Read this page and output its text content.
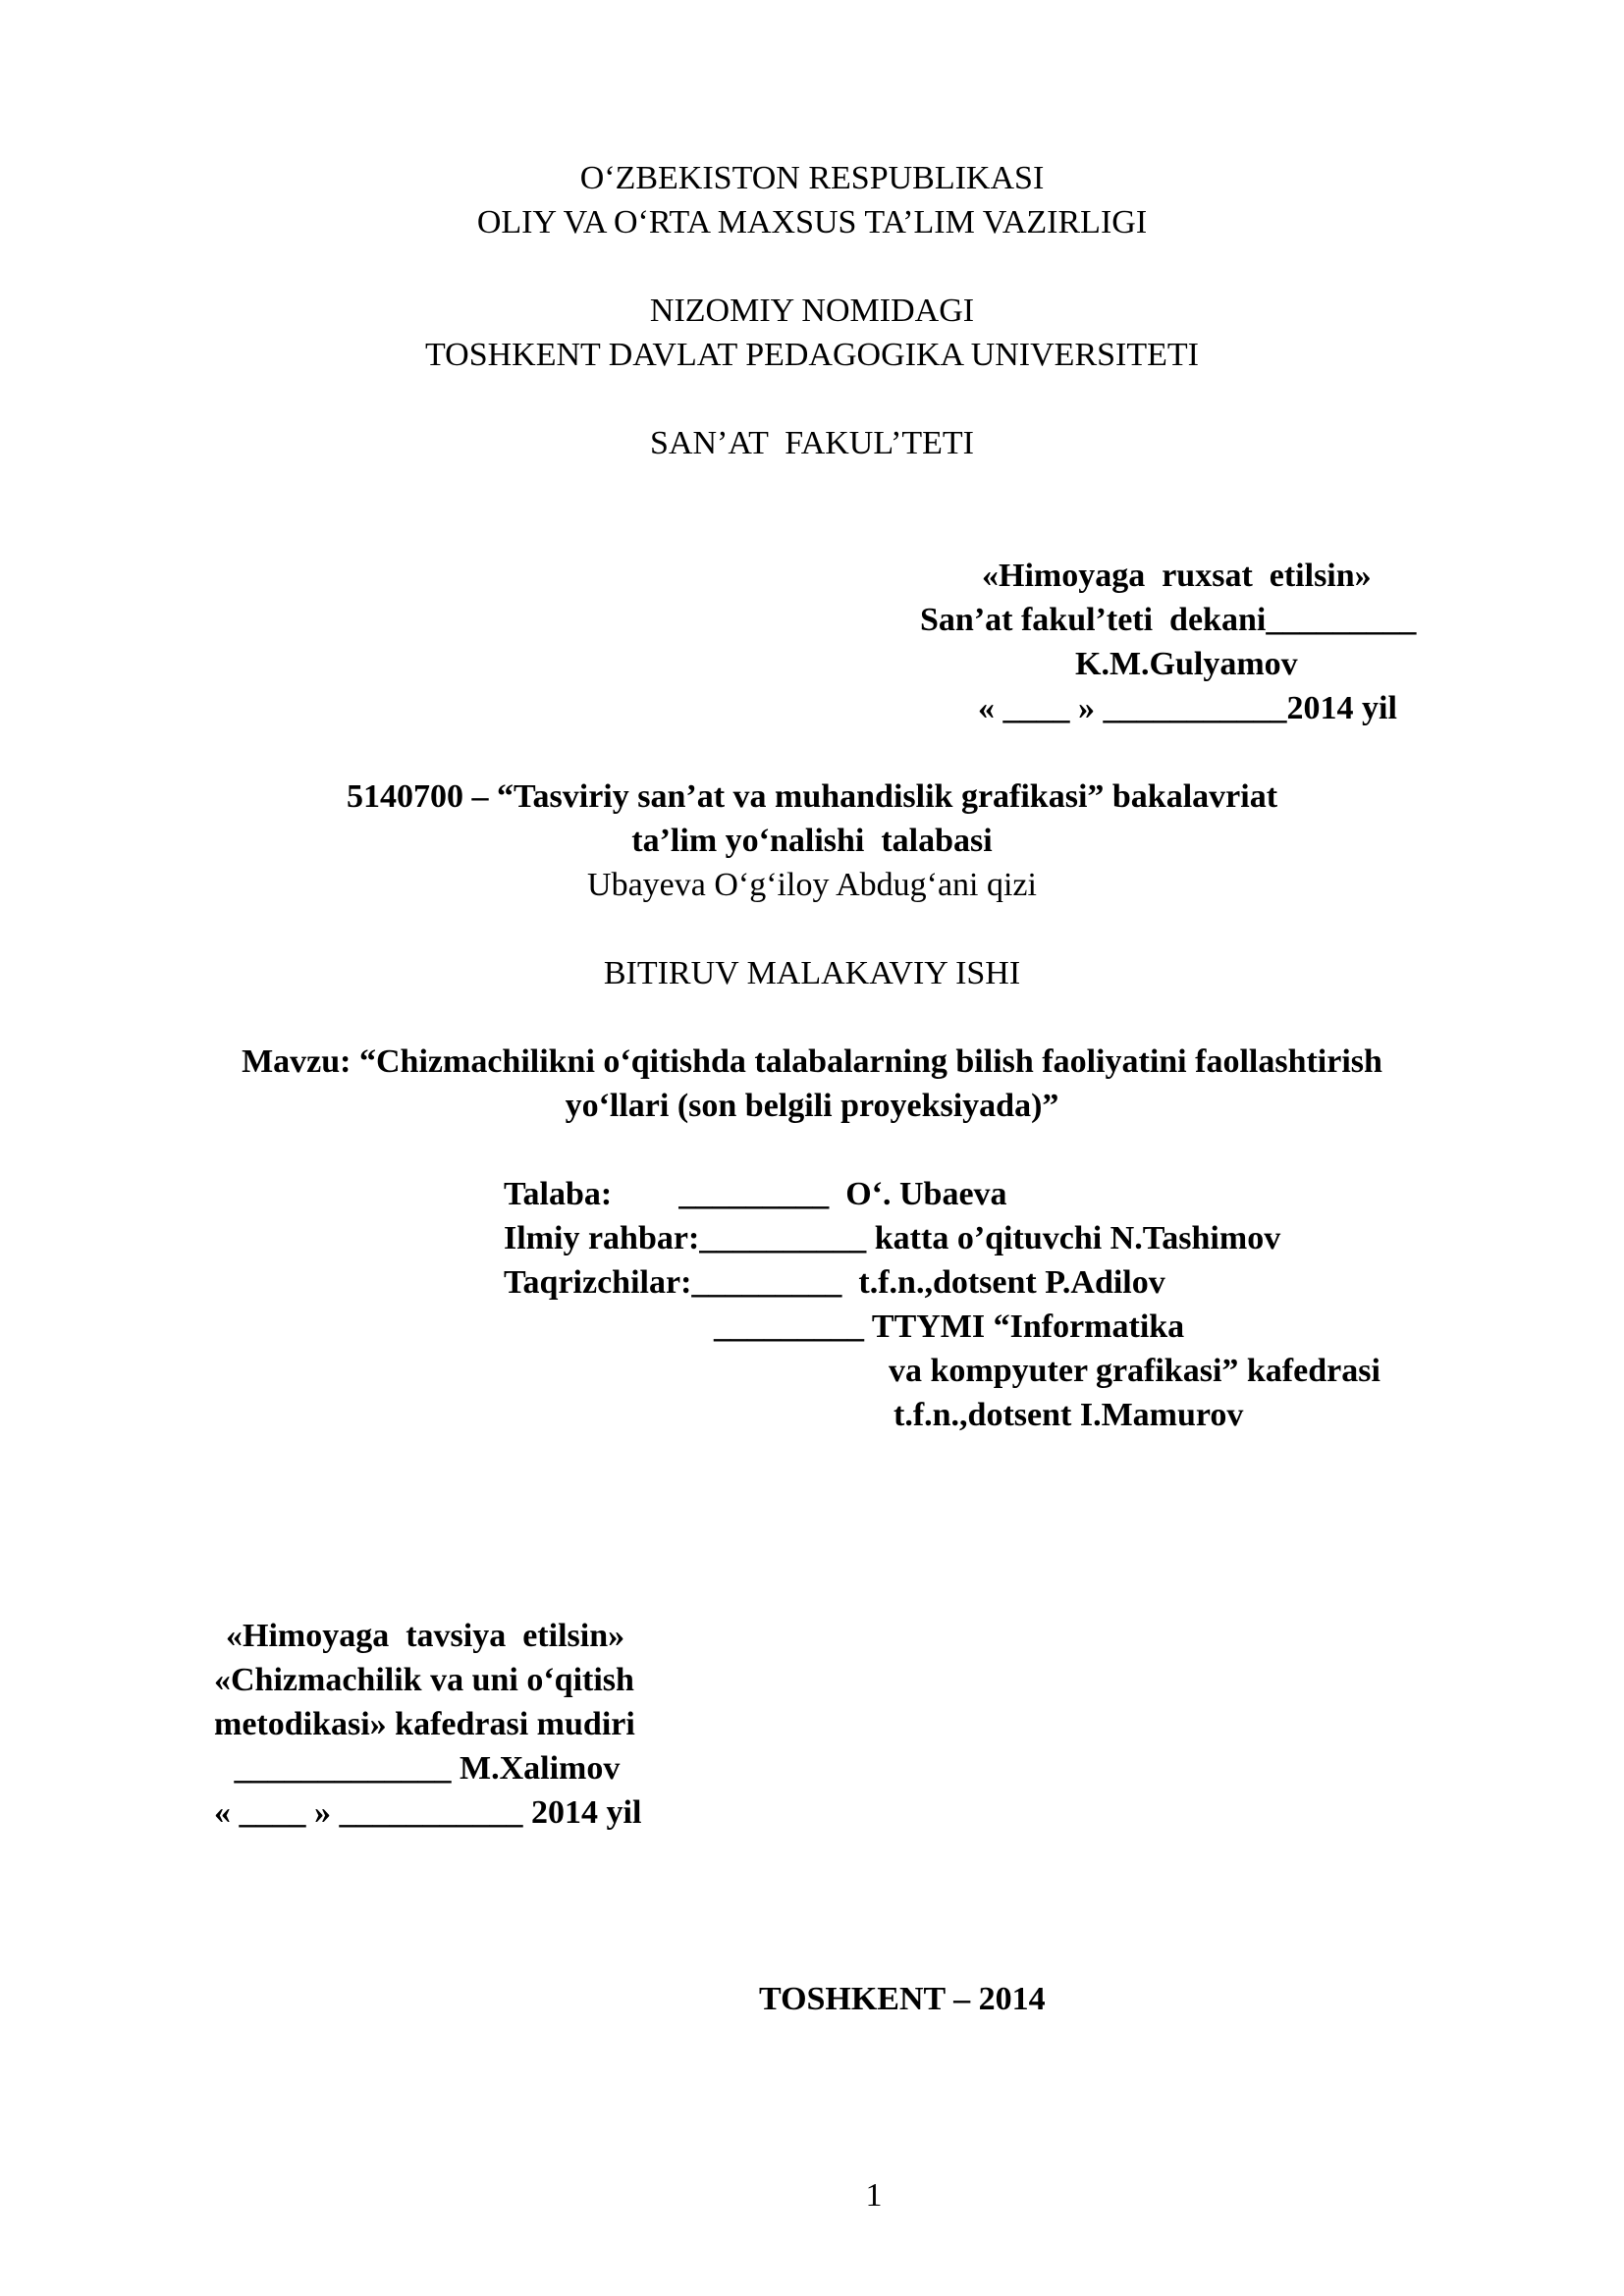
O‘ZBEKISTON RESPUBLIKASI
OLIY VA O‘RTA MAXSUS TA’LIM VAZIRLIGI
NIZOMIY NOMIDAGI
TOSHKENT DAVLAT PEDAGOGIKA UNIVERSITETI
SAN’AT  FAKUL’TETI
«Himoyaga  ruxsat  etilsin»
San’at fakul’teti  dekani_________
K.M.Gulyamov
« ____ » ___________2014 yil
5140700 – “Tasviriy san’at va muhandislik grafikasi” bakalavriat
ta’lim yo‘nalishi  talabasi
Ubayeva O‘g‘iloy Abdug‘ani qizi
BITIRUV MALAKAVIY ISHI
Mavzu: “Chizmachilikni o‘qitishda talabalarning bilish faoliyatini faollashtirish
yo‘llari (son belgili proyeksiyada)”
Talaba:        _________  O‘. Ubaeva
Ilmiy rahbar:__________ katta o’qituvchi N.Tashimov
Taqrizchilar:_________  t.f.n.,dotsent P.Adilov
_________ TTYMI “Informatika
va kompyuter grafikasi” kafedrasi
t.f.n.,dotsent I.Mamurov
«Himoyaga  tavsiya  etilsin»
«Chizmachilik va uni o‘qitish
metodikasi» kafedrasi mudiri
_____________ M.Xalimov
« ____ » ___________ 2014 yil
TOSHKENT – 2014
1
